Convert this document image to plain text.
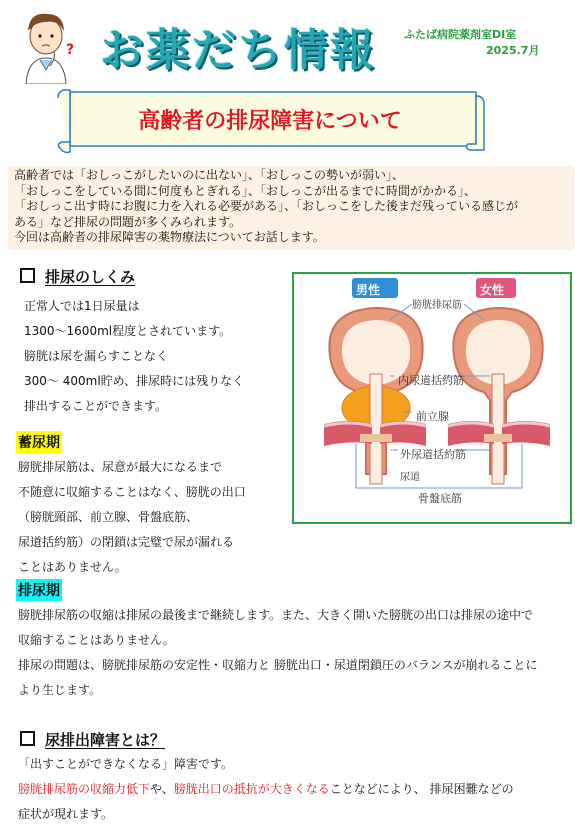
? お薬だち情報	ふたば病院薬剤室DI室
2025.7月
高齢者の排尿障害について
高齢者では「おしっこがしたいのに出ない」、「おしっこの勢いが弱い」、
「おしっこをしている間に何度もとぎれる」、「おしっこが出るまでに時間がかかる」、
「おしっこ出す時にお腹に力を入れる必要がある」、「おしっこをした後まだ残っている感じが
ある」など排尿の問題が多くみられます。
今回は高齢者の排尿障害の薬物療法についてお話します。
排尿のしくみ
正常人では1日尿量は
1300～1600ml程度とされています。
膀胱は尿を漏らすことなく
300～ 400ml貯め、排尿時には残りなく
排出することができます。
蓄尿期
膀胱排尿筋は、尿意が最大になるまで
不随意に収縮することはなく、膀胱の出口
（膀胱頸部、前立腺、骨盤底筋、
尿道括約筋）の閉鎖は完璧で尿が漏れる
ことはありません。
排尿期
膀胱排尿筋の収縮は排尿の最後まで継続します。また、大きく開いた膀胱の出口は排尿の途中で
収縮することはありません。
排尿の問題は、膀胱排尿筋の安定性・収縮力と 膀胱出口・尿道閉鎖圧のバランスが崩れることに
より生じます。
尿排出障害とは？
「出すことができなくなる」障害です。
膀胱排尿筋の収縮力低下や、膀胱出口の抵抗が大きくなることなどにより、 排尿困難などの
症状が現れます。
男性	女性
膀胱排尿筋
内尿道括約筋
前立腺
外尿道括約筋
尿道
骨盤底筋
